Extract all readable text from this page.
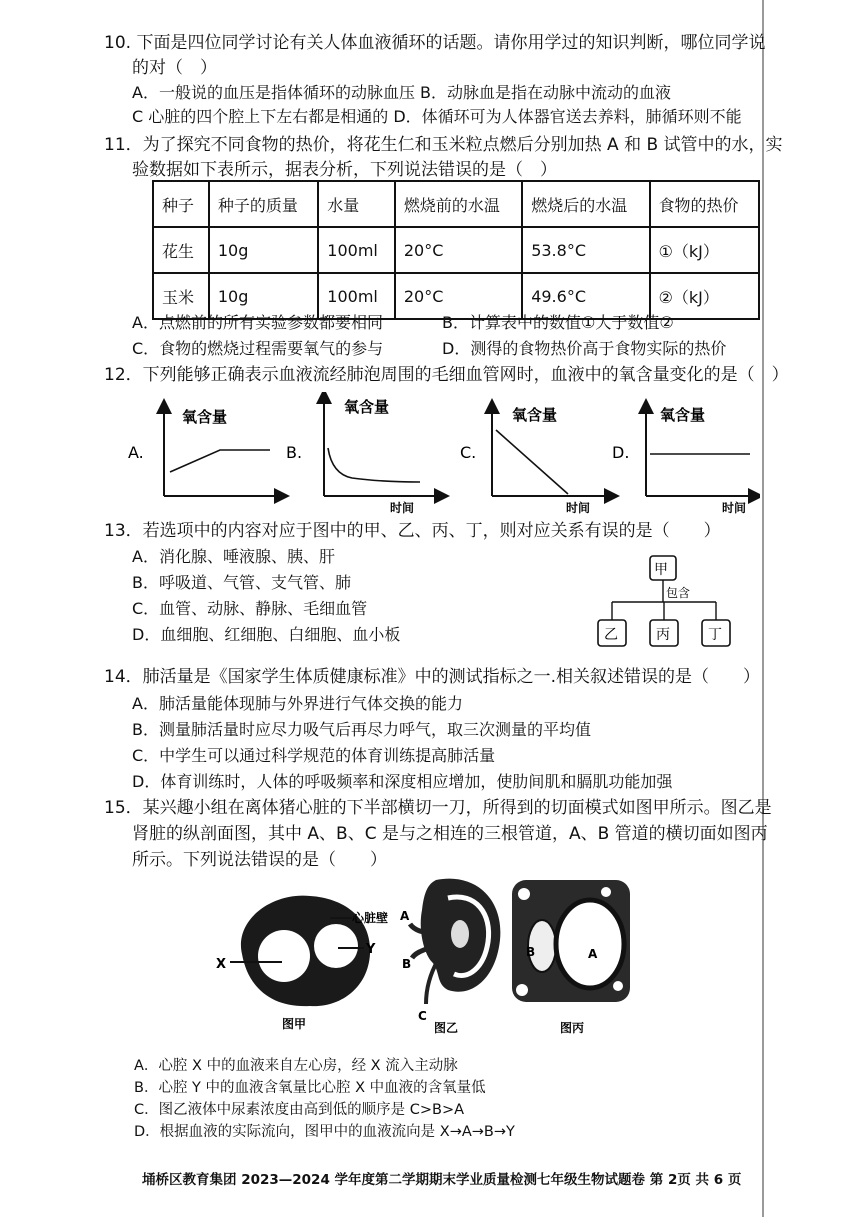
10. 下面是四位同学讨论有关人体血液循环的话题。请你用学过的知识判断，哪位同学说
的对（　）
A．一般说的血压是指体循环的动脉血压 B．动脉血是指在动脉中流动的血液
C 心脏的四个腔上下左右都是相通的 D．体循环可为人体器官送去养料，肺循环则不能
11．为了探究不同食物的热价，将花生仁和玉米粒点燃后分别加热 A 和 B 试管中的水，实
验数据如下表所示，据表分析，下列说法错误的是（　）
种子	种子的质量	水量	燃烧前的水温	燃烧后的水温	食物的热价
花生	10g	100ml	20°C	53.8°C	①（kJ）
玉米	10g	100ml	20°C	49.6°C	②（kJ）
A．点燃前的所有实验参数都要相同	B．计算表中的数值①大于数值②
C．食物的燃烧过程需要氧气的参与	D．测得的食物热价高于食物实际的热价
12．下列能够正确表示血液流经肺泡周围的毛细血管网时，血液中的氧含量变化的是（　）
A.
氧含量
B.
氧含量
时间
C.
氧含量
时间
D.
氧含量
时间
13．若选项中的内容对应于图中的甲、乙、丙、丁，则对应关系有误的是（　　）
A．消化腺、唾液腺、胰、肝
B．呼吸道、气管、支气管、肺
C．血管、动脉、静脉、毛细血管
D．血细胞、红细胞、白细胞、血小板
甲
包含
乙	丙	丁
14．肺活量是《国家学生体质健康标准》中的测试指标之一.相关叙述错误的是（　　）
A．肺活量能体现肺与外界进行气体交换的能力
B．测量肺活量时应尽力吸气后再尽力呼气，取三次测量的平均值
C．中学生可以通过科学规范的体育训练提高肺活量
D．体育训练时，人体的呼吸频率和深度相应增加，使肋间肌和膈肌功能加强
15．某兴趣小组在离体猪心脏的下半部横切一刀，所得到的切面模式如图甲所示。图乙是
肾脏的纵剖面图，其中 A、B、C 是与之相连的三根管道，A、B 管道的横切面如图丙
所示。下列说法错误的是（　　）
X
Y
心脏壁
图甲
A
B
C
图乙
B	A
图丙
A．心腔 X 中的血液来自左心房，经 X 流入主动脉
B．心腔 Y 中的血液含氧量比心腔 X 中血液的含氧量低
C．图乙液体中尿素浓度由高到低的顺序是 C>B>A
D．根据血液的实际流向，图甲中的血液流向是 X→A→B→Y
埇桥区教育集团 2023—2024 学年度第二学期期末学业质量检测七年级生物试题卷 第 2页 共 6 页
